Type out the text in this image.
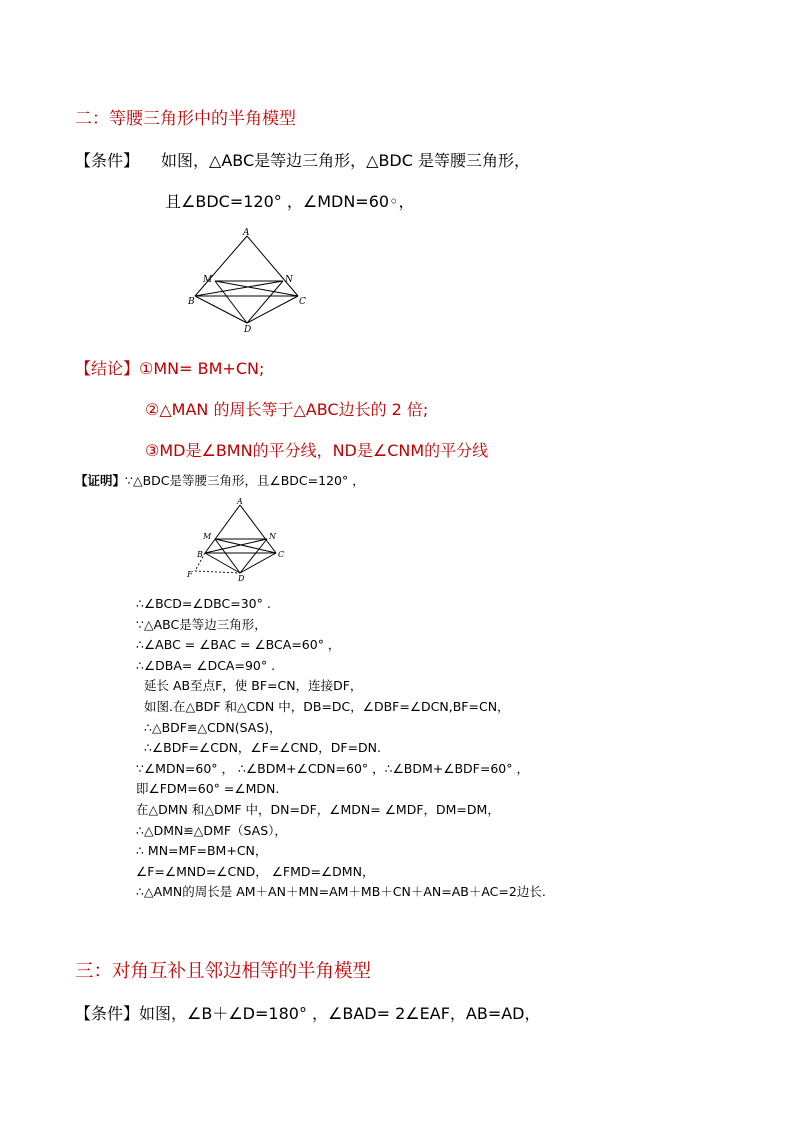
二：等腰三角形中的半角模型
【条件】 如图，△ABC是等边三角形，△BDC 是等腰三角形，
且∠BDC=120° ，∠MDN=60◦，
A
M	N
B	C
D
【结论】①MN= BM+CN;
②△MAN 的周长等于△ABC边长的 2 倍;
③MD是∠BMN的平分线，ND是∠CNM的平分线
【证明】∵△BDC是等腰三角形，且∠BDC=120° ，
A
M	N
B	C
D
F
∴∠BCD=∠DBC=30° .
∵△ABC是等边三角形，
∴∠ABC = ∠BAC = ∠BCA=60° ，
∴∠DBA= ∠DCA=90° .
延长 AB至点F，使 BF=CN，连接DF，
如图.在△BDF 和△CDN 中，DB=DC，∠DBF=∠DCN,BF=CN，
∴△BDF≌△CDN(SAS)，
∴∠BDF=∠CDN，∠F=∠CND，DF=DN.
∵∠MDN=60° ， ∴∠BDM+∠CDN=60° ，∴∠BDM+∠BDF=60° ，
即∠FDM=60° =∠MDN.
在△DMN 和△DMF 中，DN=DF，∠MDN= ∠MDF，DM=DM，
∴△DMN≌△DMF（SAS），
∴ MN=MF=BM+CN，
∠F=∠MND=∠CND， ∠FMD=∠DMN，
∴△AMN的周长是 AM＋AN＋MN=AM＋MB＋CN＋AN=AB＋AC=2边长.
三：对角互补且邻边相等的半角模型
【条件】如图，∠B＋∠D=180° ，∠BAD= 2∠EAF，AB=AD，
